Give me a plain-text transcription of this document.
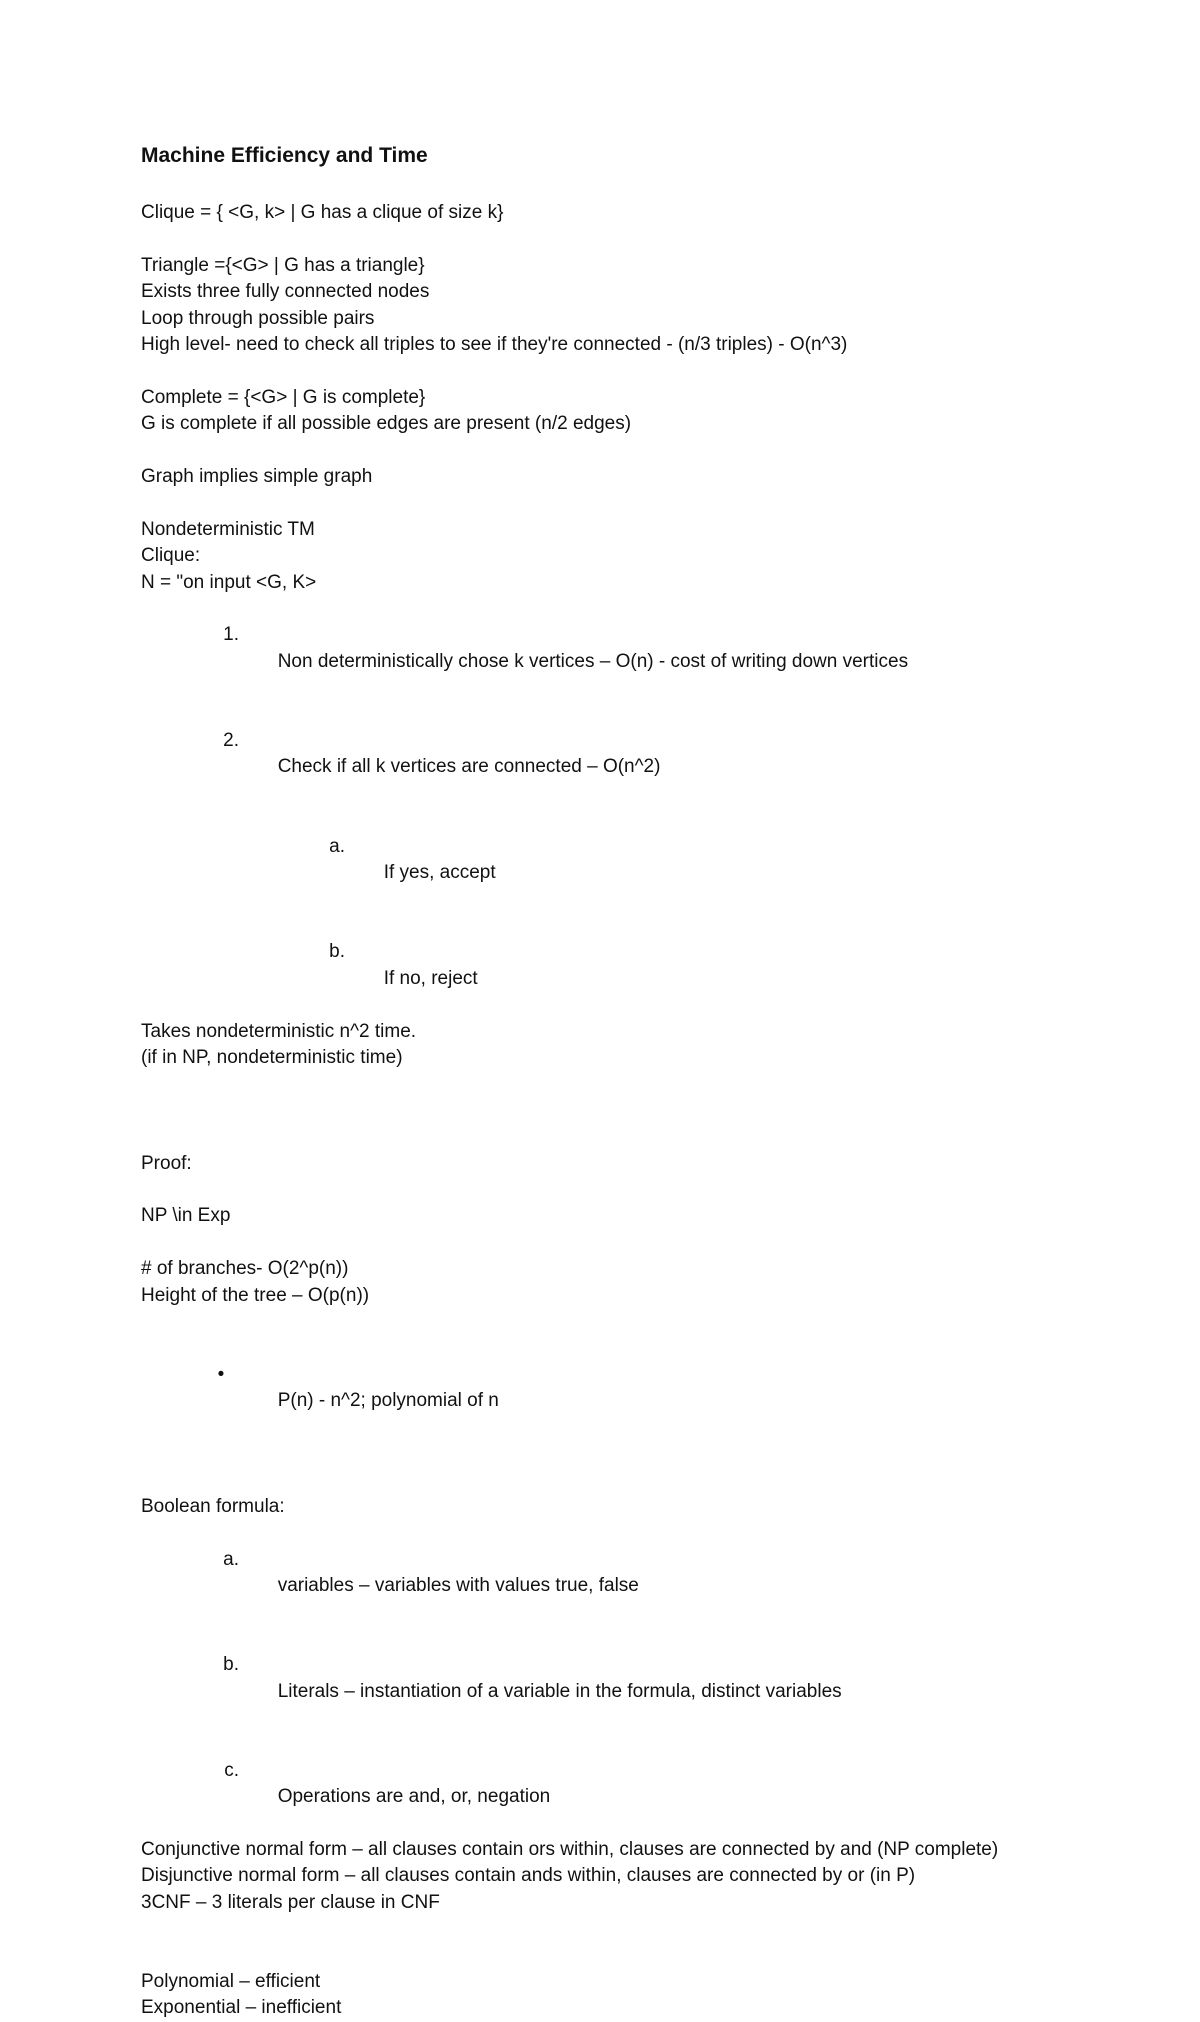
Machine Efficiency and Time
Clique = { <G, k> | G has a clique of size k}
Triangle ={<G> | G has a triangle}
Exists three fully connected nodes
Loop through possible pairs
High level- need to check all triples to see if they're connected - (n/3 triples) - O(n^3)
Complete = {<G> | G is complete}
G is complete if all possible edges are present (n/2 edges)
Graph implies simple graph
Nondeterministic TM
Clique:
N = "on input <G, K>

1.

Non deterministically chose k vertices – O(n) - cost of writing down vertices

2.

Check if all k vertices are connected – O(n^2)

a.

If yes, accept

b.

If no, reject

Takes nondeterministic n^2 time.
(if in NP, nondeterministic time)
Proof:
NP \in Exp
# of branches- O(2^p(n))
Height of the tree – O(p(n))

•

P(n) - n^2; polynomial of n

Boolean formula:

a.

variables – variables with values true, false

b.

Literals – instantiation of a variable in the formula, distinct variables

c.

Operations are and, or, negation

Conjunctive normal form – all clauses contain ors within, clauses are connected by and (NP complete)
Disjunctive normal form – all clauses contain ands within, clauses are connected by or (in P)
3CNF – 3 literals per clause in CNF
Polynomial – efficient
Exponential – inefficient
